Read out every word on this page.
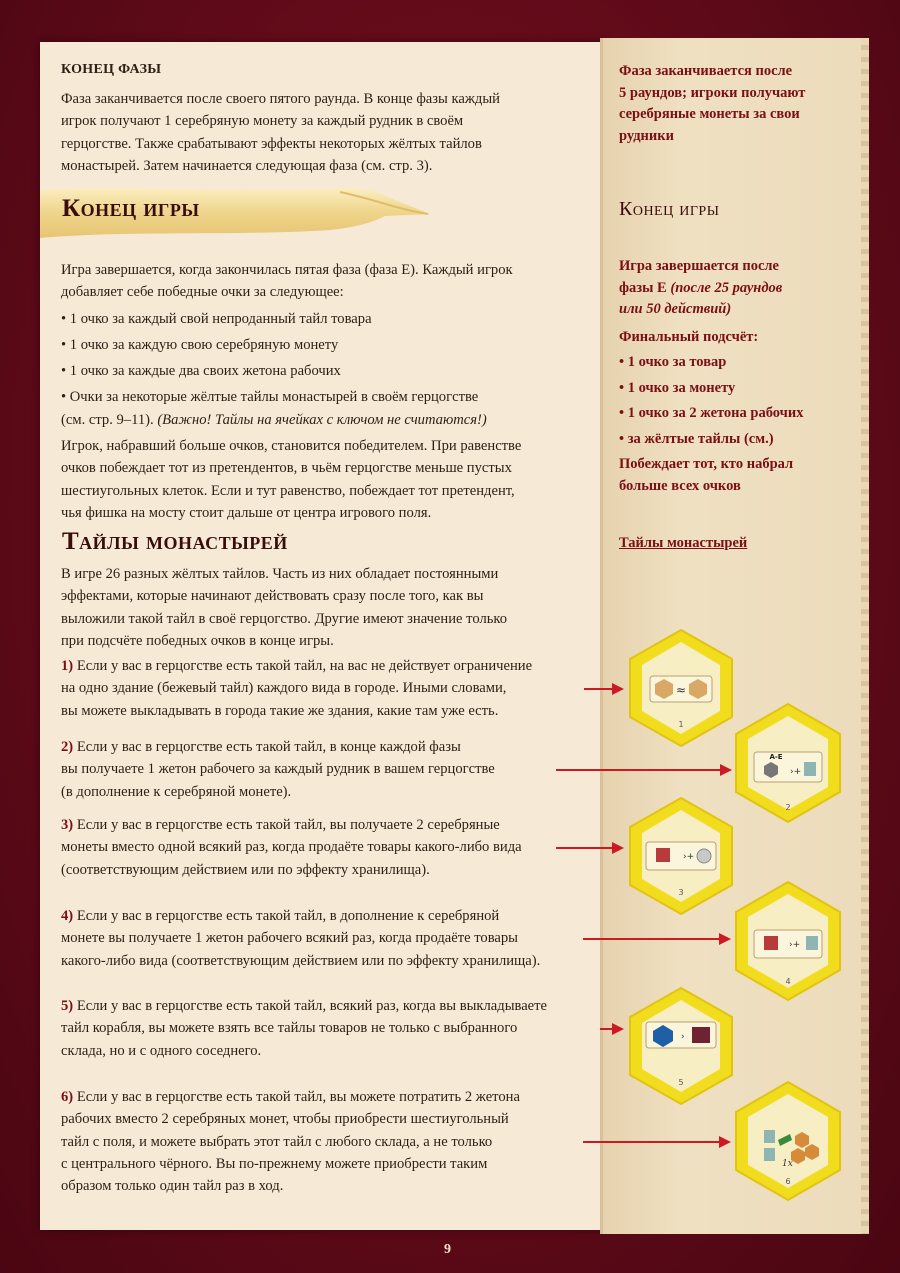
КОНЕЦ ФАЗЫ
Фаза заканчивается после своего пятого раунда. В конце фазы каждый
игрок получают 1 серебряную монету за каждый рудник в своём
герцогстве. Также срабатывают эффекты некоторых жёлтых тайлов
монастырей. Затем начинается следующая фаза (см. стр. 3).
Конец игры
Игра завершается, когда закончилась пятая фаза (фаза E). Каждый игрок
добавляет себе победные очки за следующее:
• 1 очко за каждый свой непроданный тайл товара
• 1 очко за каждую свою серебряную монету
• 1 очко за каждые два своих жетона рабочих
• Очки за некоторые жёлтые тайлы монастырей в своём герцогстве
(см. стр. 9–11). (Важно! Тайлы на ячейках с ключом не считаются!)
Игрок, набравший больше очков, становится победителем. При равенстве
очков побеждает тот из претендентов, в чьём герцогстве меньше пустых
шестиугольных клеток. Если и тут равенство, побеждает тот претендент,
чья фишка на мосту стоит дальше от центра игрового поля.
Тайлы монастырей
В игре 26 разных жёлтых тайлов. Часть из них обладает постоянными
эффектами, которые начинают действовать сразу после того, как вы
выложили такой тайл в своё герцогство. Другие имеют значение только
при подсчёте победных очков в конце игры.
1) Если у вас в герцогстве есть такой тайл, на вас не действует ограничение
на одно здание (бежевый тайл) каждого вида в городе. Иными словами,
вы можете выкладывать в города такие же здания, какие там уже есть.
2) Если у вас в герцогстве есть такой тайл, в конце каждой фазы
вы получаете 1 жетон рабочего за каждый рудник в вашем герцогстве
(в дополнение к серебряной монете).
3) Если у вас в герцогстве есть такой тайл, вы получаете 2 серебряные
монеты вместо одной всякий раз, когда продаёте товары какого-либо вида
(соответствующим действием или по эффекту хранилища).
4) Если у вас в герцогстве есть такой тайл, в дополнение к серебряной
монете вы получаете 1 жетон рабочего всякий раз, когда продаёте товары
какого-либо вида (соответствующим действием или по эффекту хранилища).
5) Если у вас в герцогстве есть такой тайл, всякий раз, когда вы выкладываете
тайл корабля, вы можете взять все тайлы товаров не только с выбранного
склада, но и с одного соседнего.
6) Если у вас в герцогстве есть такой тайл, вы можете потратить 2 жетона
рабочих вместо 2 серебряных монет, чтобы приобрести шестиугольный
тайл с поля, и можете выбрать этот тайл с любого склада, а не только
с центрального чёрного. Вы по-прежнему можете приобрести таким
образом только один тайл раз в ход.
Фаза заканчивается после
5 раундов; игроки получают
серебряные монеты за свои
рудники
Конец игры
Игра завершается после
фазы E (после 25 раундов
или 50 действий)
Финальный подсчёт:
• 1 очко за товар
• 1 очко за монету
• 1 очко за 2 жетона рабочих
• за жёлтые тайлы (см.)
Побеждает тот, кто набрал
больше всех очков
Тайлы монастырей
≈
1
A-E
›+
2
›+
3
›+
4
›
5
1x
6
9
